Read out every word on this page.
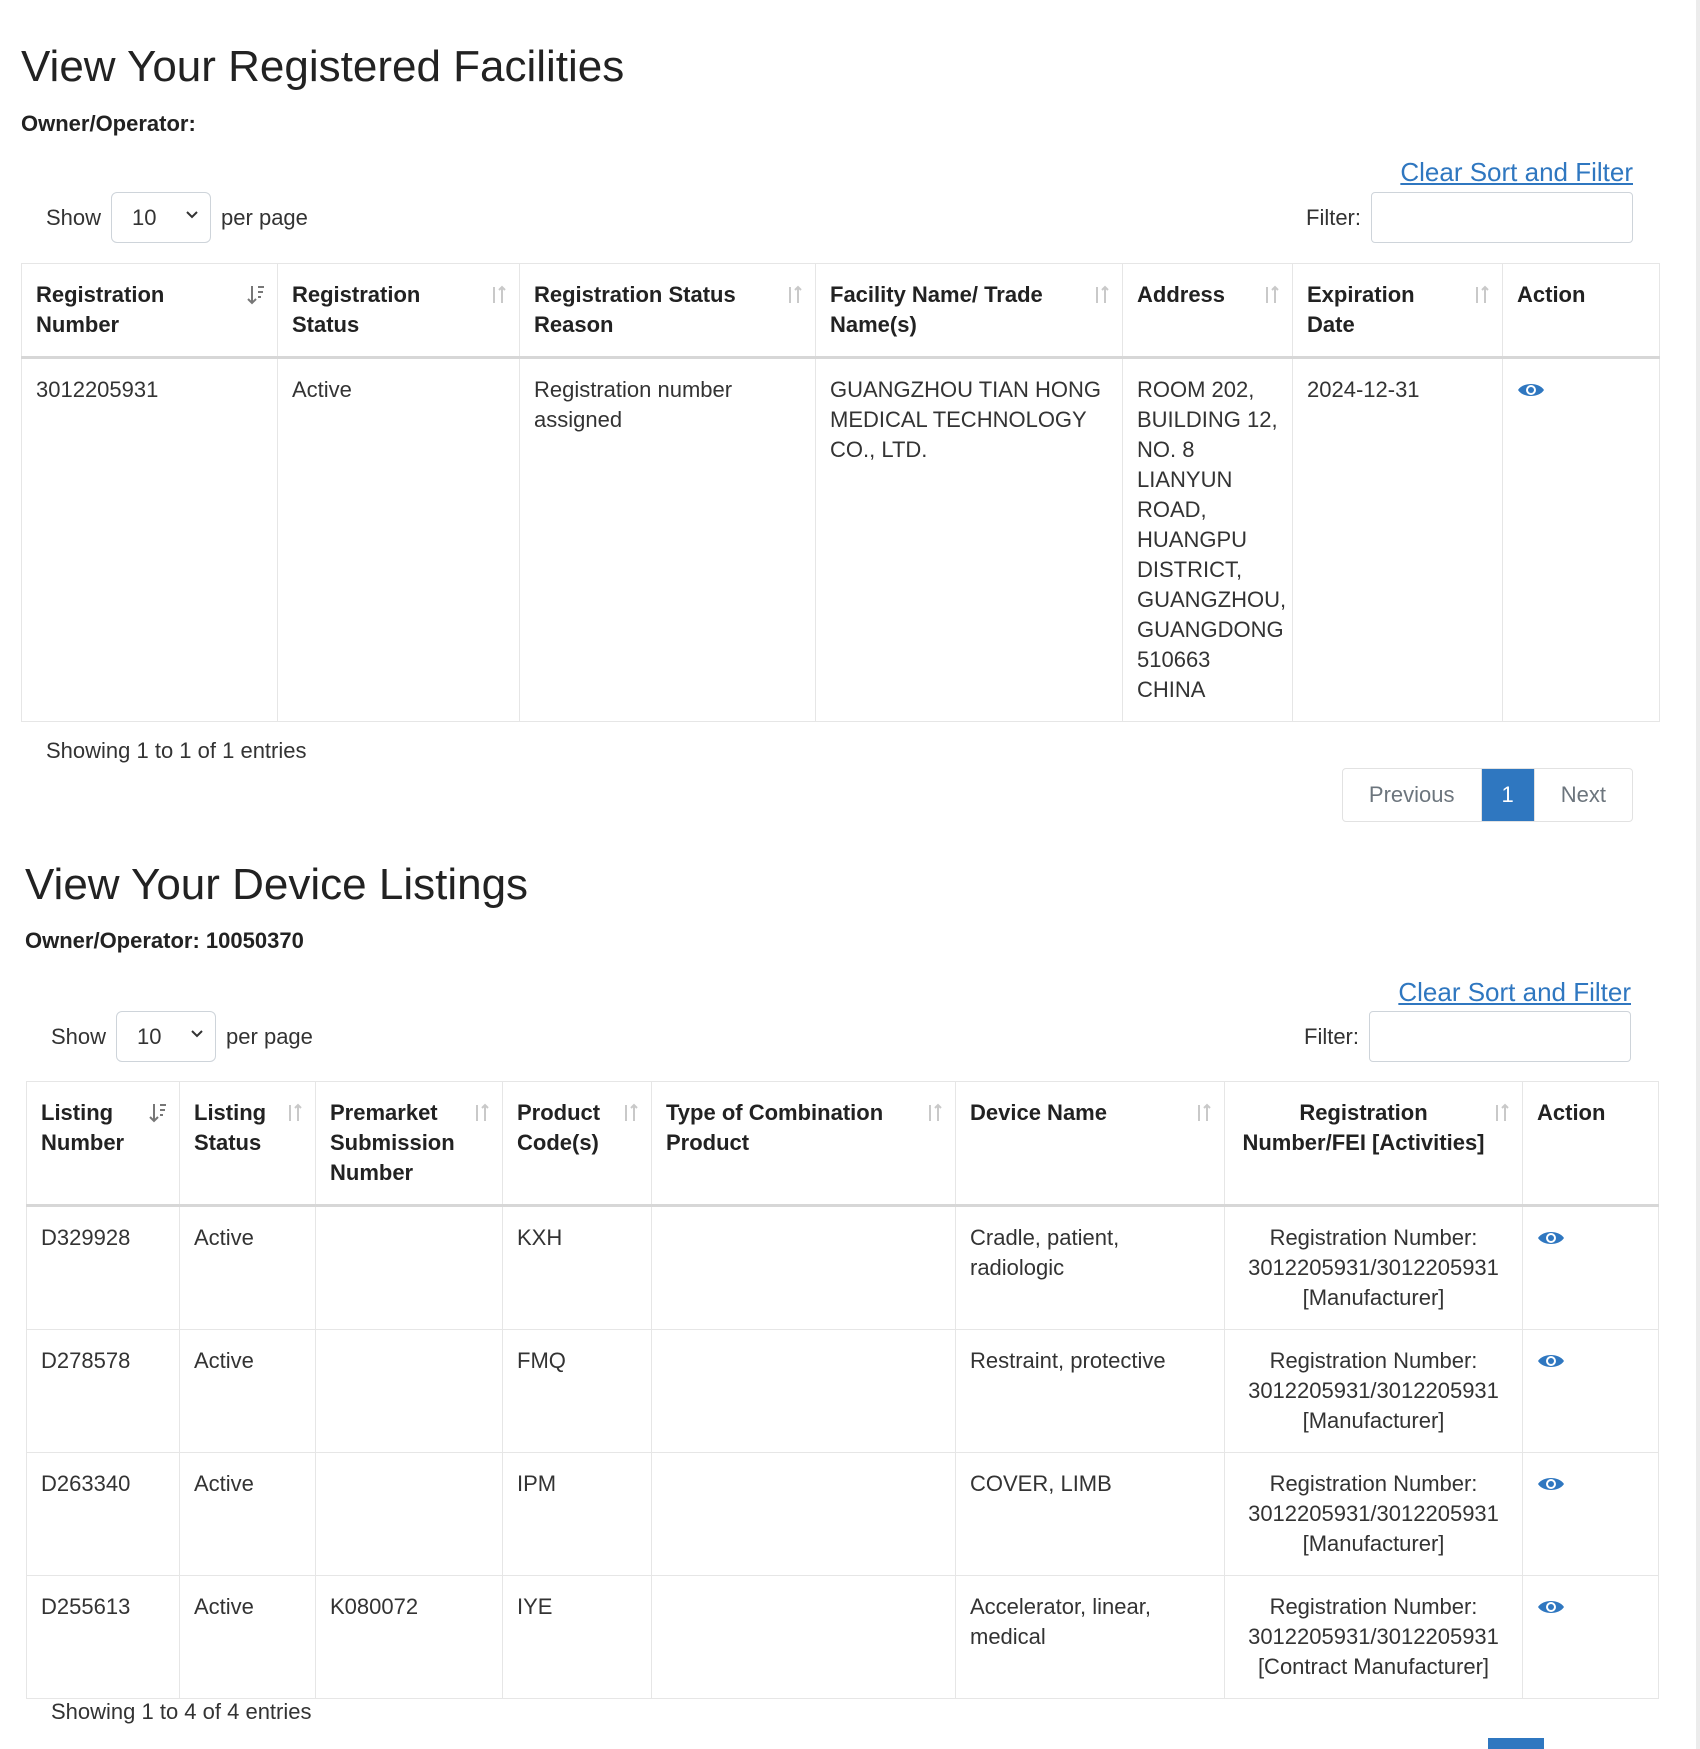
View Your Registered Facilities
Owner/Operator:
Clear Sort and Filter
Show 10	per page	Filter:
Registration Number	Registration Status	Registration Status Reason	Facility Name/ Trade Name(s)	Address	Expiration Date	Action
3012205931	Active	Registration number assigned	GUANGZHOU TIAN HONG MEDICAL TECHNOLOGY CO., LTD.	ROOM 202, BUILDING 12, NO. 8 LIANYUN ROAD, HUANGPU DISTRICT, GUANGZHOU, GUANGDONG 510663 CHINA	2024-12-31	
Showing 1 to 1 of 1 entries
Previous	1	Next
View Your Device Listings
Owner/Operator: 10050370
Clear Sort and Filter
Show 10	per page	Filter:
Listing Number	Listing Status	Premarket Submission Number	Product Code(s)	Type of Combination Product	Device Name	Registration Number/FEI [Activities]	Action
D329928	Active		KXH		Cradle, patient, radiologic	Registration Number:
3012205931/3012205931
[Manufacturer]

D278578	Active		FMQ		Restraint, protective	Registration Number:
3012205931/3012205931
[Manufacturer]

D263340	Active		IPM		COVER, LIMB	Registration Number:
3012205931/3012205931
[Manufacturer]

D255613	Active	K080072	IYE		Accelerator, linear, medical	Registration Number:
3012205931/3012205931
[Contract Manufacturer]

Showing 1 to 4 of 4 entries
